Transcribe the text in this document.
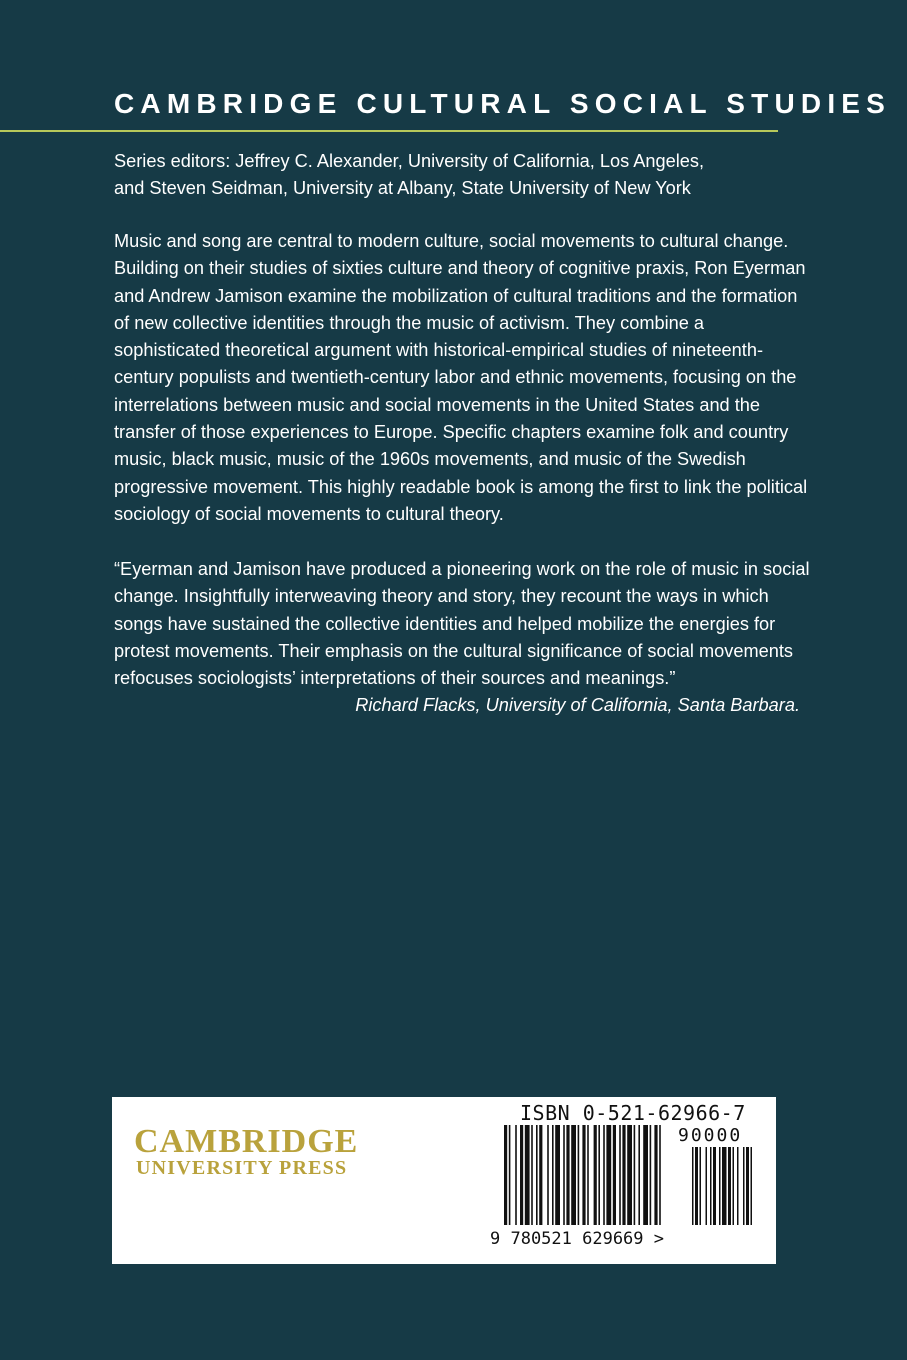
CAMBRIDGE CULTURAL SOCIAL STUDIES
Series editors: Jeffrey C. Alexander, University of California, Los Angeles,
and Steven Seidman, University at Albany, State University of New York
Music and song are central to modern culture, social movements to cultural change. Building on their studies of sixties culture and theory of cognitive praxis, Ron Eyerman and Andrew Jamison examine the mobilization of cultural traditions and the formation of new collective identities through the music of activism. They combine a sophisticated theoretical argument with historical-empirical studies of nineteenth-century populists and twentieth-century labor and ethnic movements, focusing on the interrelations between music and social movements in the United States and the transfer of those experiences to Europe. Specific chapters examine folk and country music, black music, music of the 1960s movements, and music of the Swedish progressive movement. This highly readable book is among the first to link the political sociology of social movements to cultural theory.
“Eyerman and Jamison have produced a pioneering work on the role of music in social change. Insightfully interweaving theory and story, they recount the ways in which songs have sustained the collective identities and helped mobilize the energies for protest movements. Their emphasis on the cultural significance of social movements refocuses sociologists’ interpretations of their sources and meanings.”
Richard Flacks, University of California, Santa Barbara.
CAMBRIDGE
UNIVERSITY PRESS
ISBN 0-521-62966-7
90000
9 780521 629669 >
